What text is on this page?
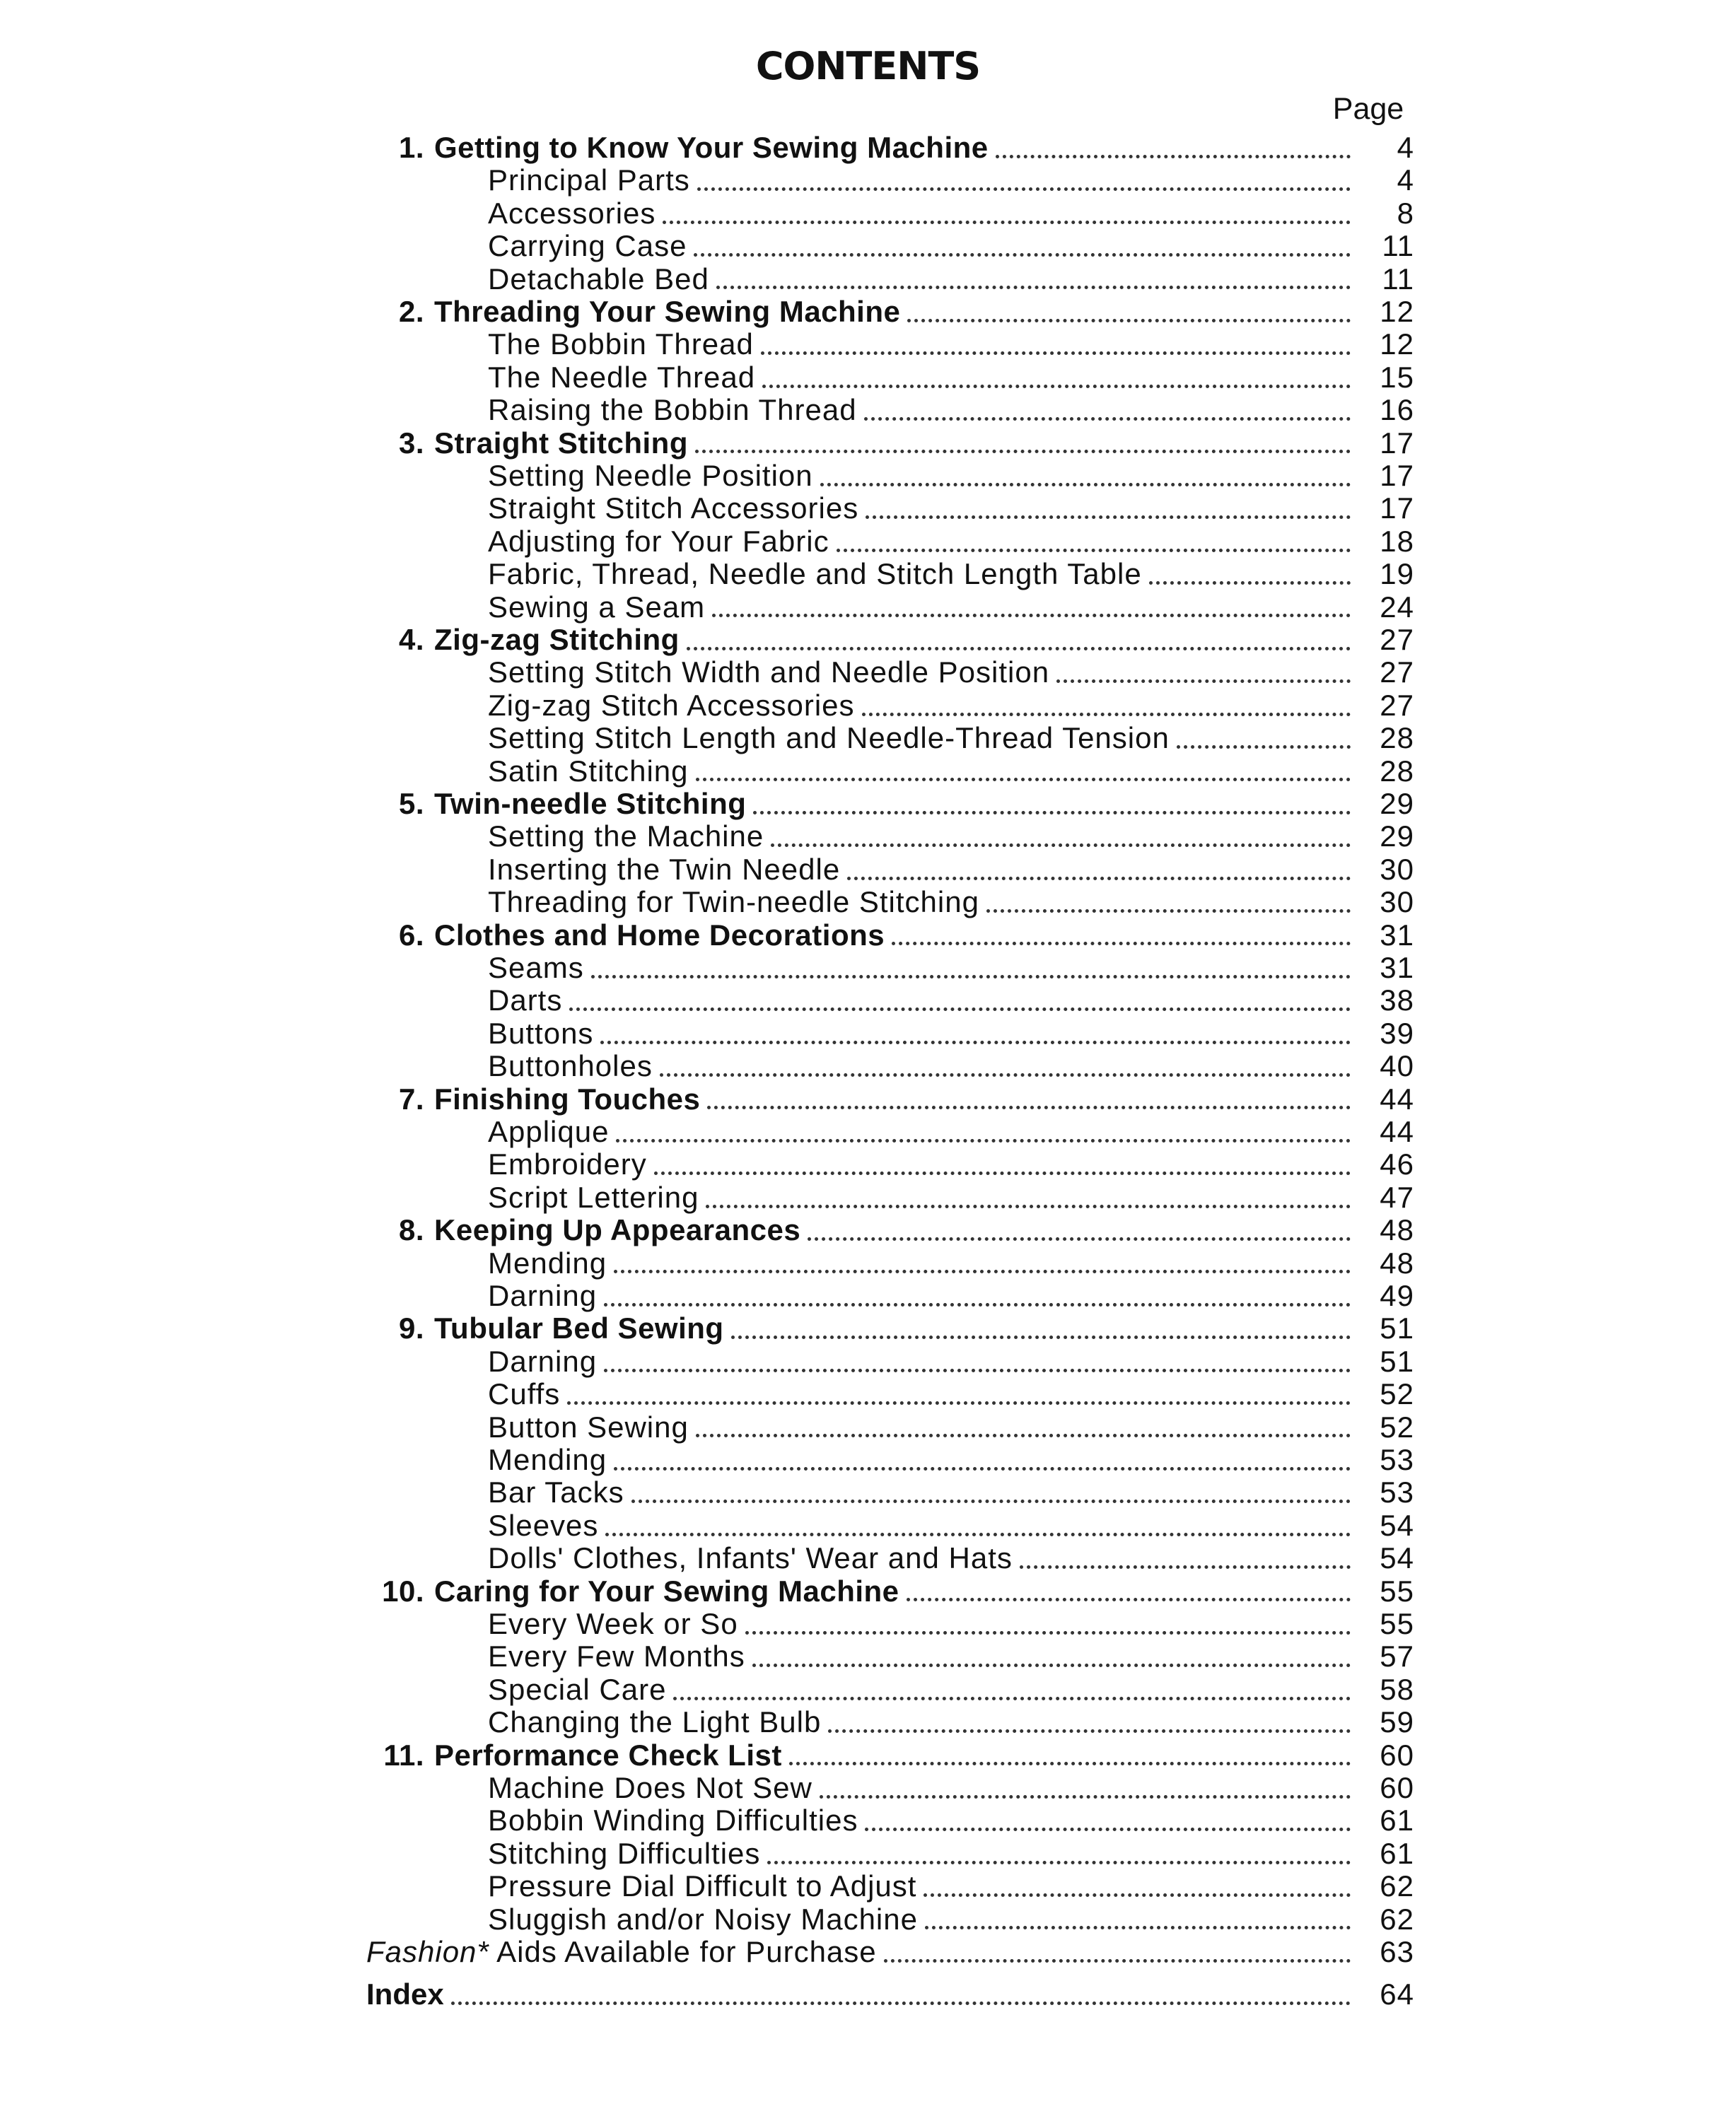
CONTENTS
Page
1. Getting to Know Your Sewing Machine	4
Principal Parts	4
Accessories	8
Carrying Case	11
Detachable Bed	11
2. Threading Your Sewing Machine	12
The Bobbin Thread	12
The Needle Thread	15
Raising the Bobbin Thread	16
3. Straight Stitching	17
Setting Needle Position	17
Straight Stitch Accessories	17
Adjusting for Your Fabric	18
Fabric, Thread, Needle and Stitch Length Table	19
Sewing a Seam	24
4. Zig-zag Stitching	27
Setting Stitch Width and Needle Position	27
Zig-zag Stitch Accessories	27
Setting Stitch Length and Needle-Thread Tension	28
Satin Stitching	28
5. Twin-needle Stitching	29
Setting the Machine	29
Inserting the Twin Needle	30
Threading for Twin-needle Stitching	30
6. Clothes and Home Decorations	31
Seams	31
Darts	38
Buttons	39
Buttonholes	40
7. Finishing Touches	44
Applique	44
Embroidery	46
Script Lettering	47
8. Keeping Up Appearances	48
Mending	48
Darning	49
9. Tubular Bed Sewing	51
Darning	51
Cuffs	52
Button Sewing	52
Mending	53
Bar Tacks	53
Sleeves	54
Dolls' Clothes, Infants' Wear and Hats	54
10. Caring for Your Sewing Machine	55
Every Week or So	55
Every Few Months	57
Special Care	58
Changing the Light Bulb	59
11. Performance Check List	60
Machine Does Not Sew	60
Bobbin Winding Difficulties	61
Stitching Difficulties	61
Pressure Dial Difficult to Adjust	62
Sluggish and/or Noisy Machine	62
Fashion* Aids Available for Purchase	63
Index	64
